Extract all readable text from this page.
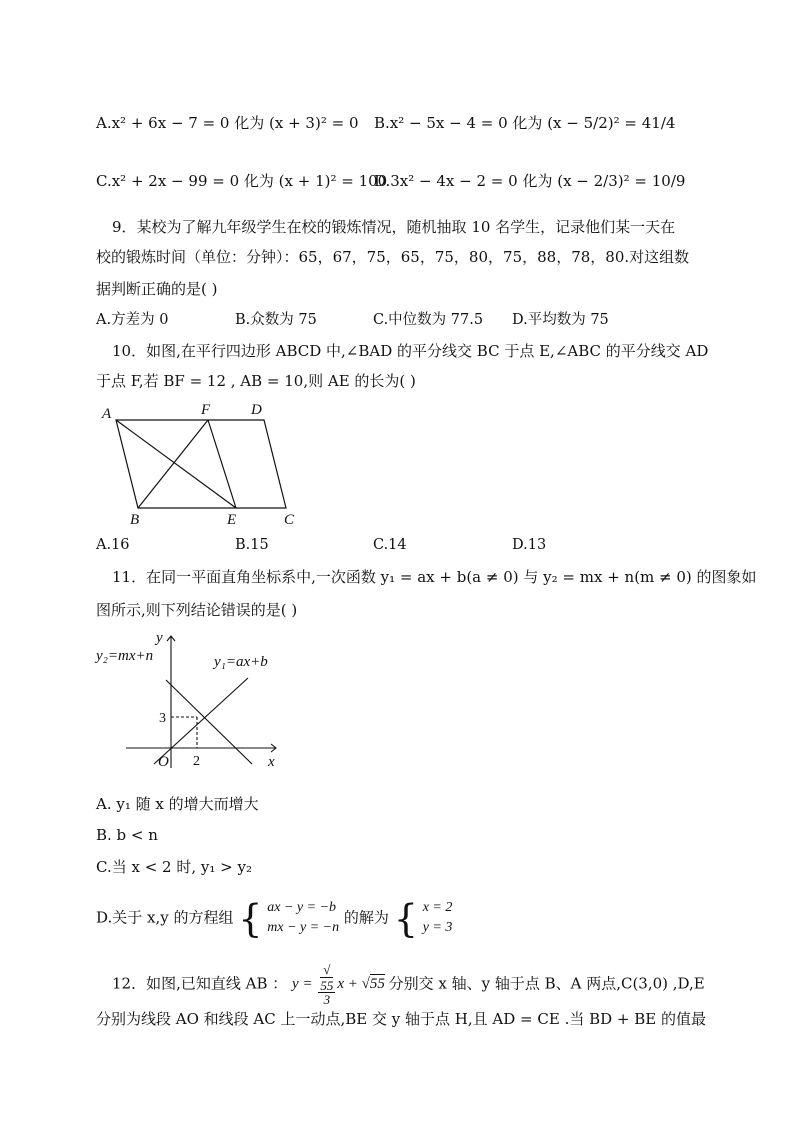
A.x² + 6x − 7 = 0 化为 (x + 3)² = 0 B.x² − 5x − 4 = 0 化为 (x − 5/2)² = 41/4
C.x² + 2x − 99 = 0 化为 (x + 1)² = 100
D.3x² − 4x − 2 = 0 化为 (x − 2/3)² = 10/9
9．某校为了解九年级学生在校的锻炼情况，随机抽取 10 名学生，记录他们某一天在
校的锻炼时间（单位：分钟）：65，67，75，65，75，80，75，88，78，80.对这组数
据判断正确的是( )
A.方差为 0	B.众数为 75	C.中位数为 77.5 D.平均数为 75
10．如图,在平行四边形 ABCD 中,∠BAD 的平分线交 BC 于点 E,∠ABC 的平分线交 AD
于点 F,若 BF = 12 , AB = 10,则 AE 的长为( )
A	F	D
B	E	C
A.16	B.15	C.14	D.13
11．在同一平面直角坐标系中,一次函数 y₁ = ax + b(a ≠ 0) 与 y₂ = mx + n(m ≠ 0) 的图象如
图所示,则下列结论错误的是( )
y
x
O
y₂=mx+n	y₁=ax+b
3
2
A. y₁ 随 x 的增大而增大
B. b < n
C.当 x < 2 时, y₁ > y₂
D.关于 x,y 的方程组 { ax − y = −b
mx − y = −n
的解为 { x = 2
y = 3
12．如图,已知直线 AB ： y = √
55
3 x + √55 分别交 x 轴、y 轴于点 B、A 两点,C(3,0) ,D,E
分别为线段 AO 和线段 AC 上一动点,BE 交 y 轴于点 H,且 AD = CE .当 BD + BE 的值最
